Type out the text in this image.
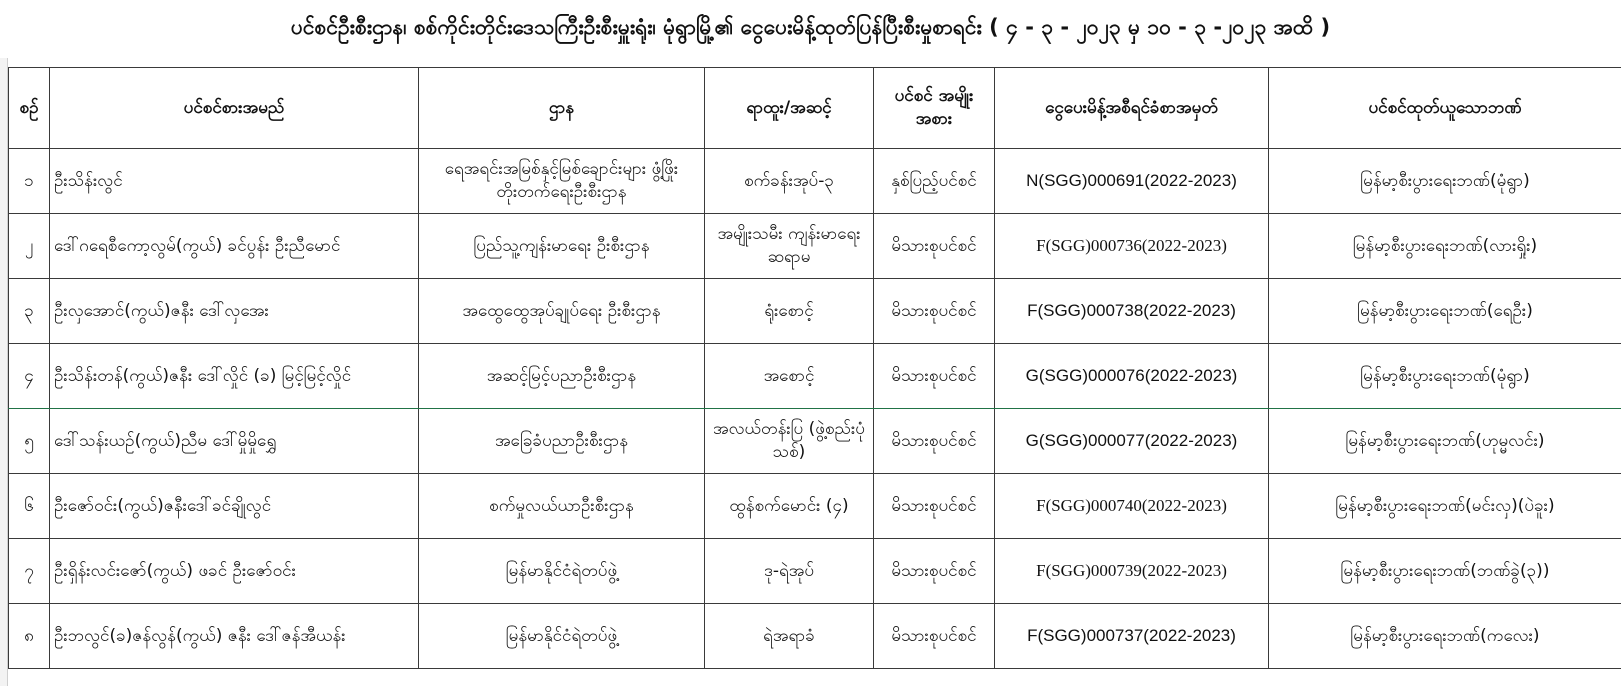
ပင်စင်ဦးစီးဌာန၊ စစ်ကိုင်းတိုင်းဒေသကြီးဦးစီးမှူးရုံး၊ မုံရွာမြို့၏ ငွေပေးမိန့်ထုတ်ပြန်ပြီးစီးမှုစာရင်း ( ၄ - ၃ - ၂၀၂၃ မှ ၁၀ - ၃ -၂၀၂၃ အထိ )
စဉ်	ပင်စင်စားအမည်	ဌာန	ရာထူး/အဆင့်	ပင်စင် အမျိုးအစား	ငွေပေးမိန့်အစီရင်ခံစာအမှတ်	ပင်စင်ထုတ်ယူသောဘဏ်
၁	ဦးသိန်းလွင်	ရေအရင်းအမြစ်နှင့်မြစ်ချောင်းများ ဖွံ့ဖြိုးတိုးတက်ရေးဦးစီးဌာန	စက်ခန်းအုပ်-၃	နှစ်ပြည့်ပင်စင်	N(SGG)000691(2022-2023)	မြန်မာ့စီးပွားရေးဘဏ်(မုံရွာ)
၂	ဒေါ်ဂရေစီကော့လွမ်(ကွယ်) ခင်ပွန်း ဦးညီမောင်	ပြည်သူ့ကျန်းမာရေး ဦးစီးဌာန	အမျိုးသမီး ကျန်းမာရေးဆရာမ	မိသားစုပင်စင်	F(SGG)000736(2022-2023)	မြန်မာ့စီးပွားရေးဘဏ်(လားရှိုး)
၃	ဦးလှအောင်(ကွယ်)ဇနီး ဒေါ်လှအေး	အထွေထွေအုပ်ချုပ်ရေး ဦးစီးဌာန	ရုံးစောင့်	မိသားစုပင်စင်	F(SGG)000738(2022-2023)	မြန်မာ့စီးပွားရေးဘဏ်(ရေဦး)
၄	ဦးသိန်းတန်(ကွယ်)ဇနီး ဒေါ်လှိုင် (ခ) မြင့်မြင့်လှိုင်	အဆင့်မြင့်ပညာဦးစီးဌာန	အစောင့်	မိသားစုပင်စင်	G(SGG)000076(2022-2023)	မြန်မာ့စီးပွားရေးဘဏ်(မုံရွာ)
၅	ဒေါ်သန်းယဉ်(ကွယ်)ညီမ ဒေါ်မှိုမှိုရွှေ	အခြေခံပညာဦးစီးဌာန	အလယ်တန်းပြ (ဖွဲ့စည်းပုံသစ်)	မိသားစုပင်စင်	G(SGG)000077(2022-2023)	မြန်မာ့စီးပွားရေးဘဏ်(ဟုမ္မလင်း)
၆	ဦးဇော်ဝင်း(ကွယ်)ဇနီးဒေါ်ခင်ချိုလွင်	စက်မှုလယ်ယာဦးစီးဌာန	ထွန်စက်မောင်း (၄)	မိသားစုပင်စင်	F(SGG)000740(2022-2023)	မြန်မာ့စီးပွားရေးဘဏ်(မင်းလှ)(ပဲခူး)
၇	ဦးရှိန်းလင်းဇော်(ကွယ်) ဖခင် ဦးဇော်ဝင်း	မြန်မာနိုင်ငံရဲတပ်ဖွဲ့	ဒု-ရဲအုပ်	မိသားစုပင်စင်	F(SGG)000739(2022-2023)	မြန်မာ့စီးပွားရေးဘဏ်(ဘဏ်ခွဲ(၃))
၈	ဦးဘလွင်(ခ)ဇန်လွန်(ကွယ်) ဇနီး ဒေါ်ဇန်အီယန်း	မြန်မာနိုင်ငံရဲတပ်ဖွဲ့	ရဲအရာခံ	မိသားစုပင်စင်	F(SGG)000737(2022-2023)	မြန်မာ့စီးပွားရေးဘဏ်(ကလေး)
